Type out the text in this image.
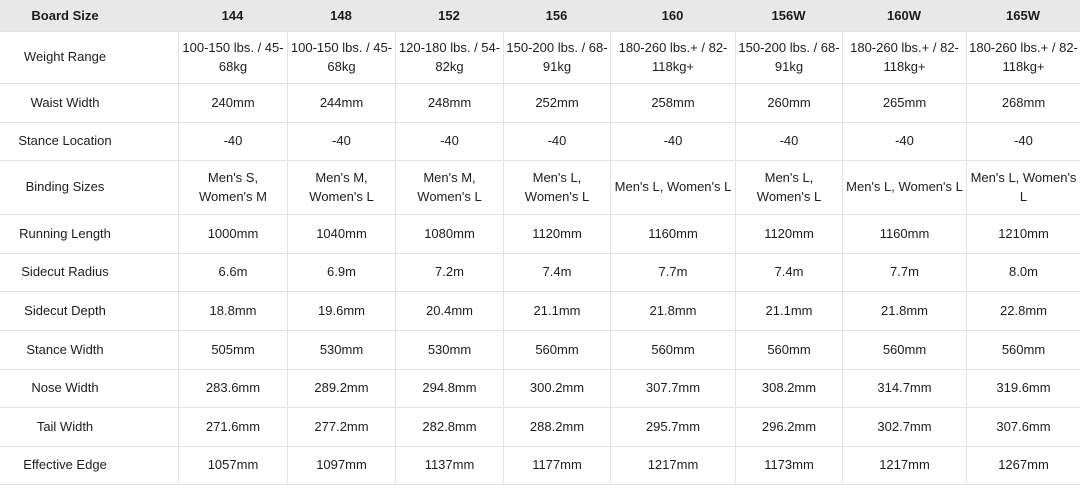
Board Size	144	148	152	156	160	156W	160W	165W
Weight Range	100-150 lbs. / 45-68kg	100-150 lbs. / 45-68kg	120-180 lbs. / 54-82kg	150-200 lbs. / 68-91kg	180-260 lbs.+ / 82-118kg+	150-200 lbs. / 68-91kg	180-260 lbs.+ / 82-118kg+	180-260 lbs.+ / 82-118kg+
Waist Width	240mm	244mm	248mm	252mm	258mm	260mm	265mm	268mm
Stance Location	-40	-40	-40	-40	-40	-40	-40	-40
Binding Sizes	Men's S, Women's M	Men's M, Women's L	Men's M, Women's L	Men's L, Women's L	Men's L, Women's L	Men's L, Women's L	Men's L, Women's L	Men's L, Women's L
Running Length	1000mm	1040mm	1080mm	1120mm	1160mm	1120mm	1160mm	1210mm
Sidecut Radius	6.6m	6.9m	7.2m	7.4m	7.7m	7.4m	7.7m	8.0m
Sidecut Depth	18.8mm	19.6mm	20.4mm	21.1mm	21.8mm	21.1mm	21.8mm	22.8mm
Stance Width	505mm	530mm	530mm	560mm	560mm	560mm	560mm	560mm
Nose Width	283.6mm	289.2mm	294.8mm	300.2mm	307.7mm	308.2mm	314.7mm	319.6mm
Tail Width	271.6mm	277.2mm	282.8mm	288.2mm	295.7mm	296.2mm	302.7mm	307.6mm
Effective Edge	1057mm	1097mm	1137mm	1177mm	1217mm	1173mm	1217mm	1267mm
